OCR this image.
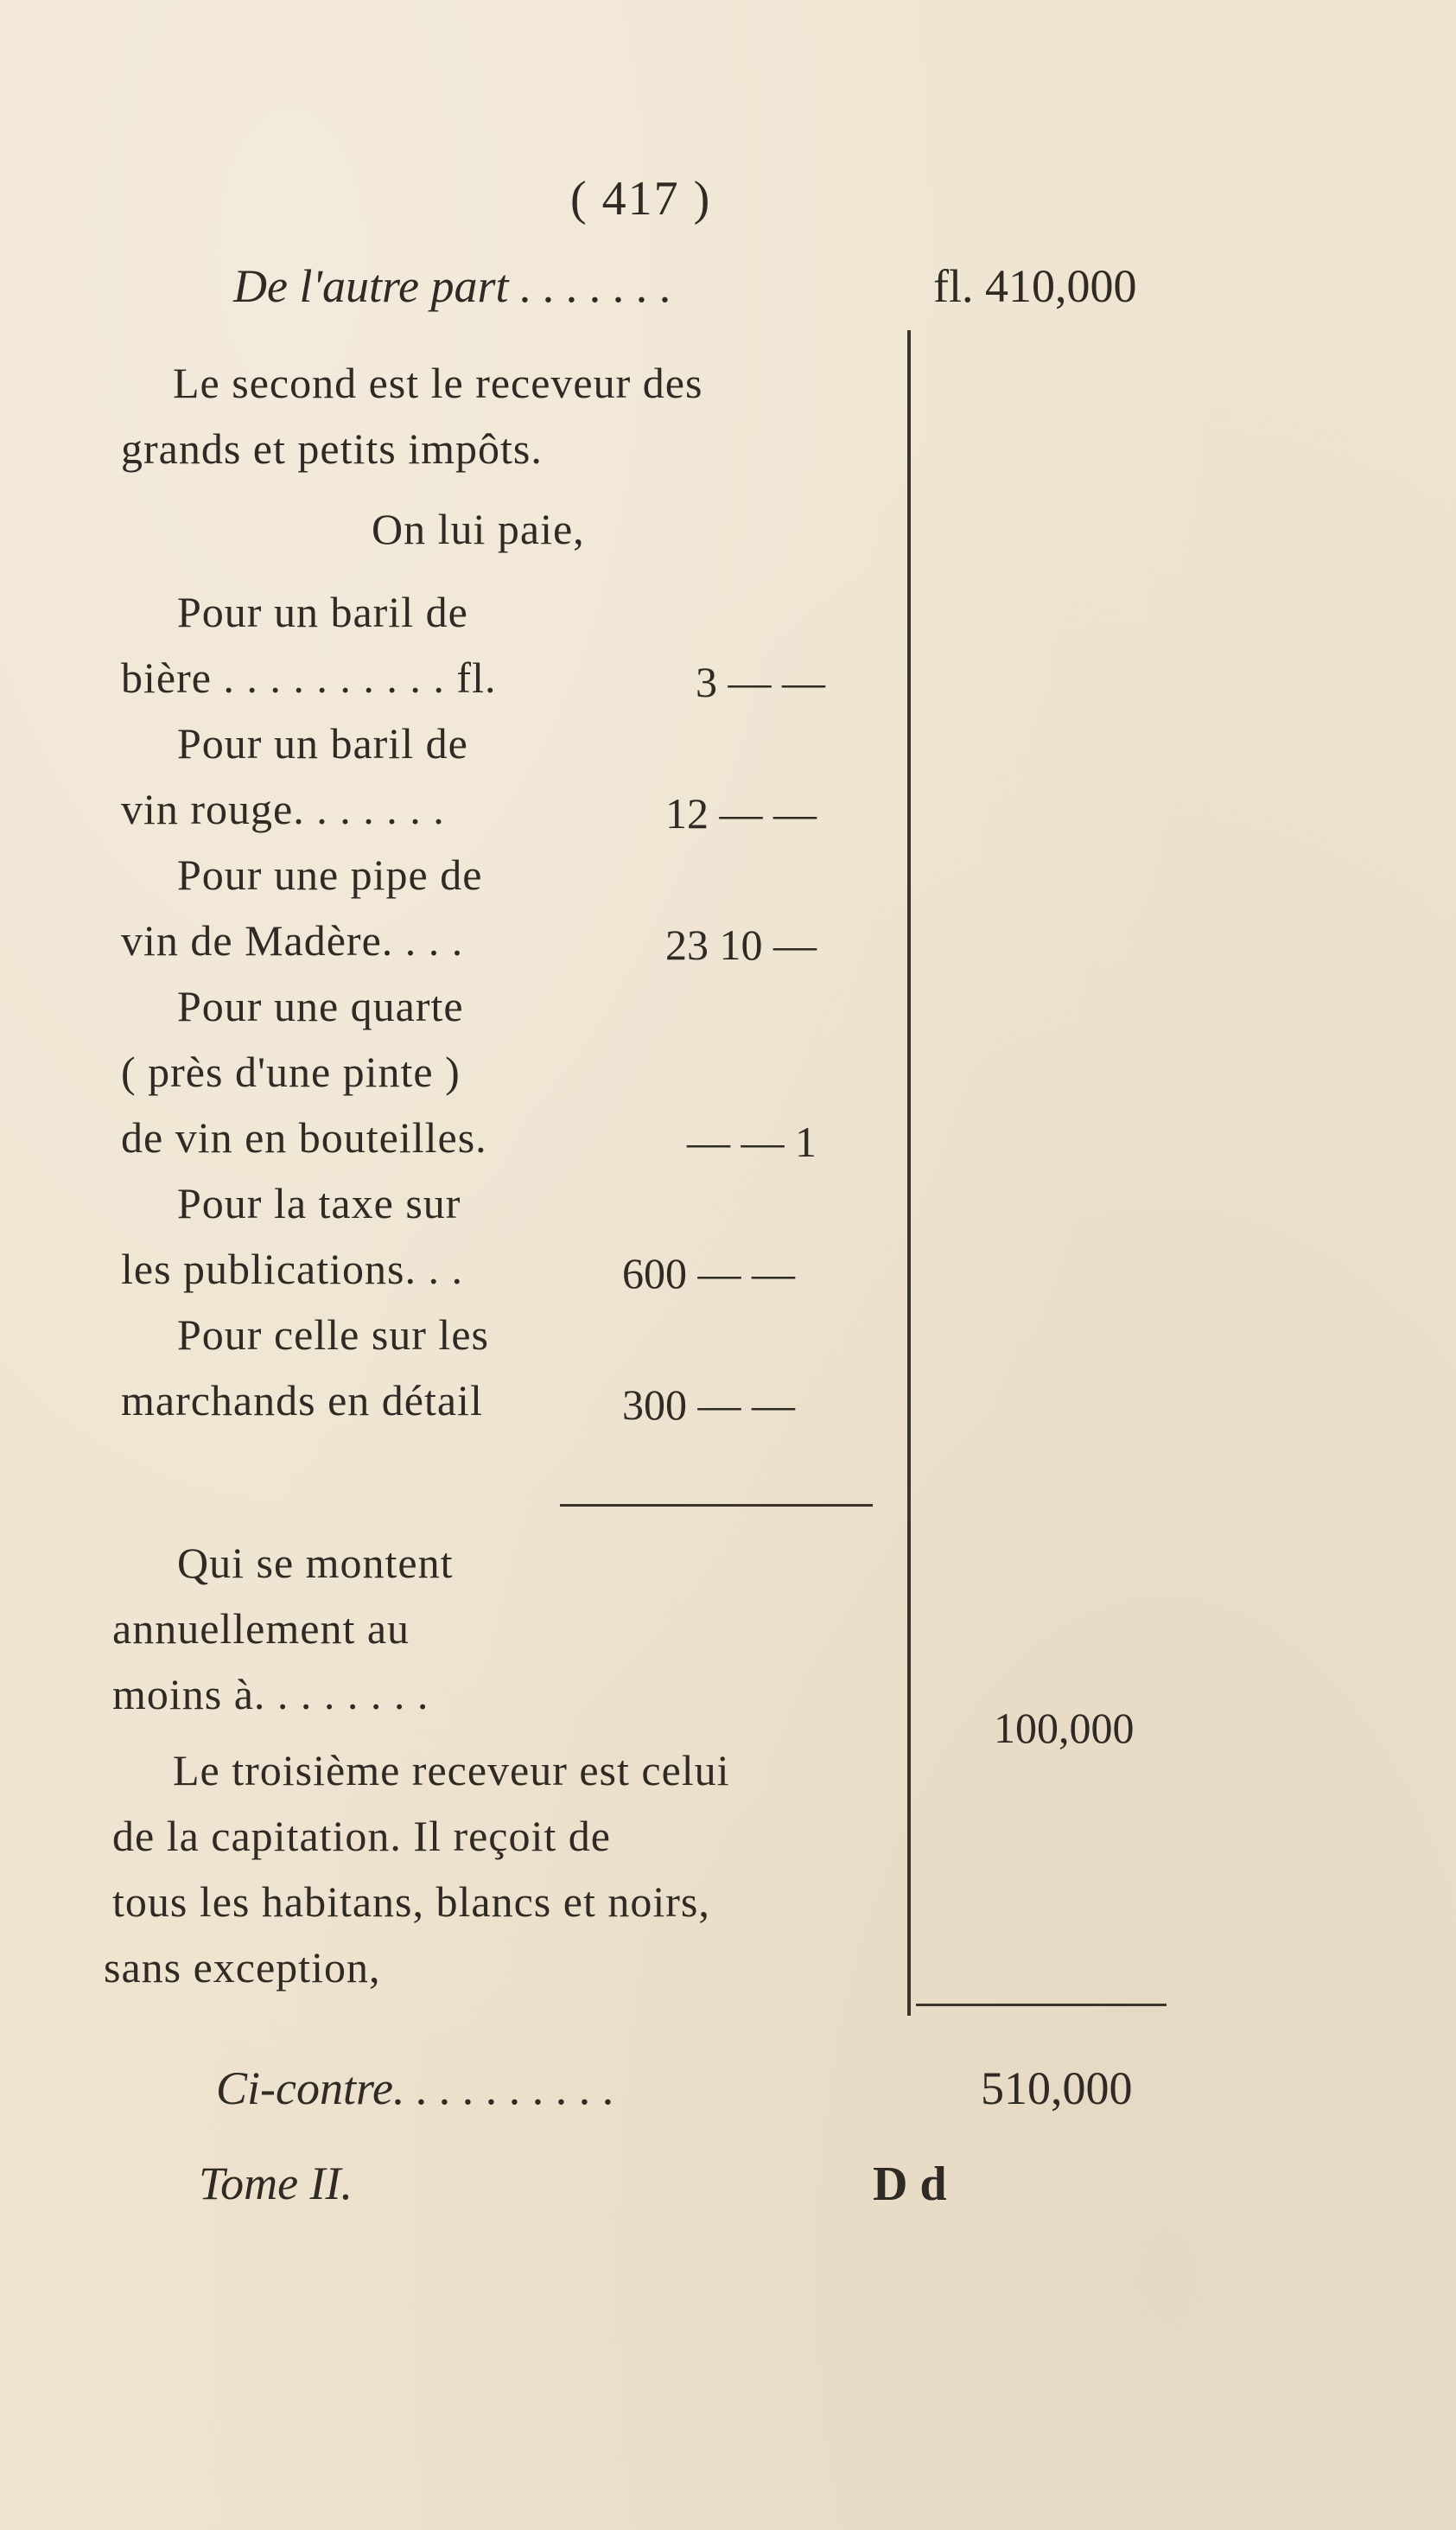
( 417 )
De l'autre part . . . . . . .	fl. 410,000
Le second est le receveur des
grands et petits impôts.
On lui paie,
Pour un baril de
bière . . . . . . . . . . fl.	3 — —
Pour un baril de
vin rouge. . . . . . .	12 — —
Pour une pipe de
vin de Madère. . . .	23 10 —
Pour une quarte
( près d'une pinte )
de vin en bouteilles.	— — 1
Pour la taxe sur
les publications. . .	600 — —
Pour celle sur les
marchands en détail	300 — —
Qui se montent
annuellement au
moins à. . . . . . . .
100,000
Le troisième receveur est celui
de la capitation. Il reçoit de
tous les habitans, blancs et noirs,
sans exception,
Ci-contre. . . . . . . . . .	510,000
Tome II.	D d
